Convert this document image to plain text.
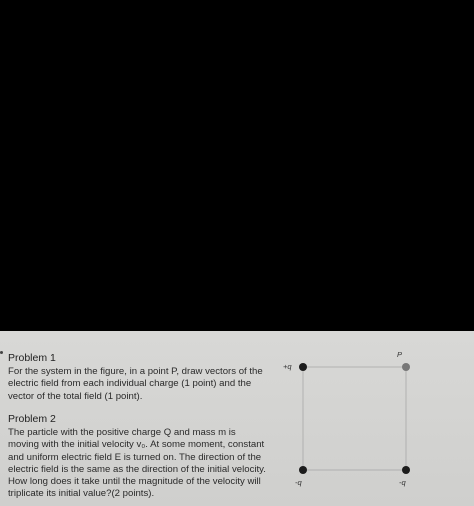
Problem 1
For the system in the figure, in a point P, draw vectors of the
electric field from each individual charge (1 point) and the
vector of the total field (1 point).
Problem 2
The particle with the positive charge Q and mass m is
moving with the initial velocity v₀. At some moment, constant
and uniform electric field E is turned on. The direction of the
electric field is the same as the direction of the initial velocity.
How long does it take until the magnitude of the velocity will
triplicate its initial value?(2 points).
+q
P
-q	-q
